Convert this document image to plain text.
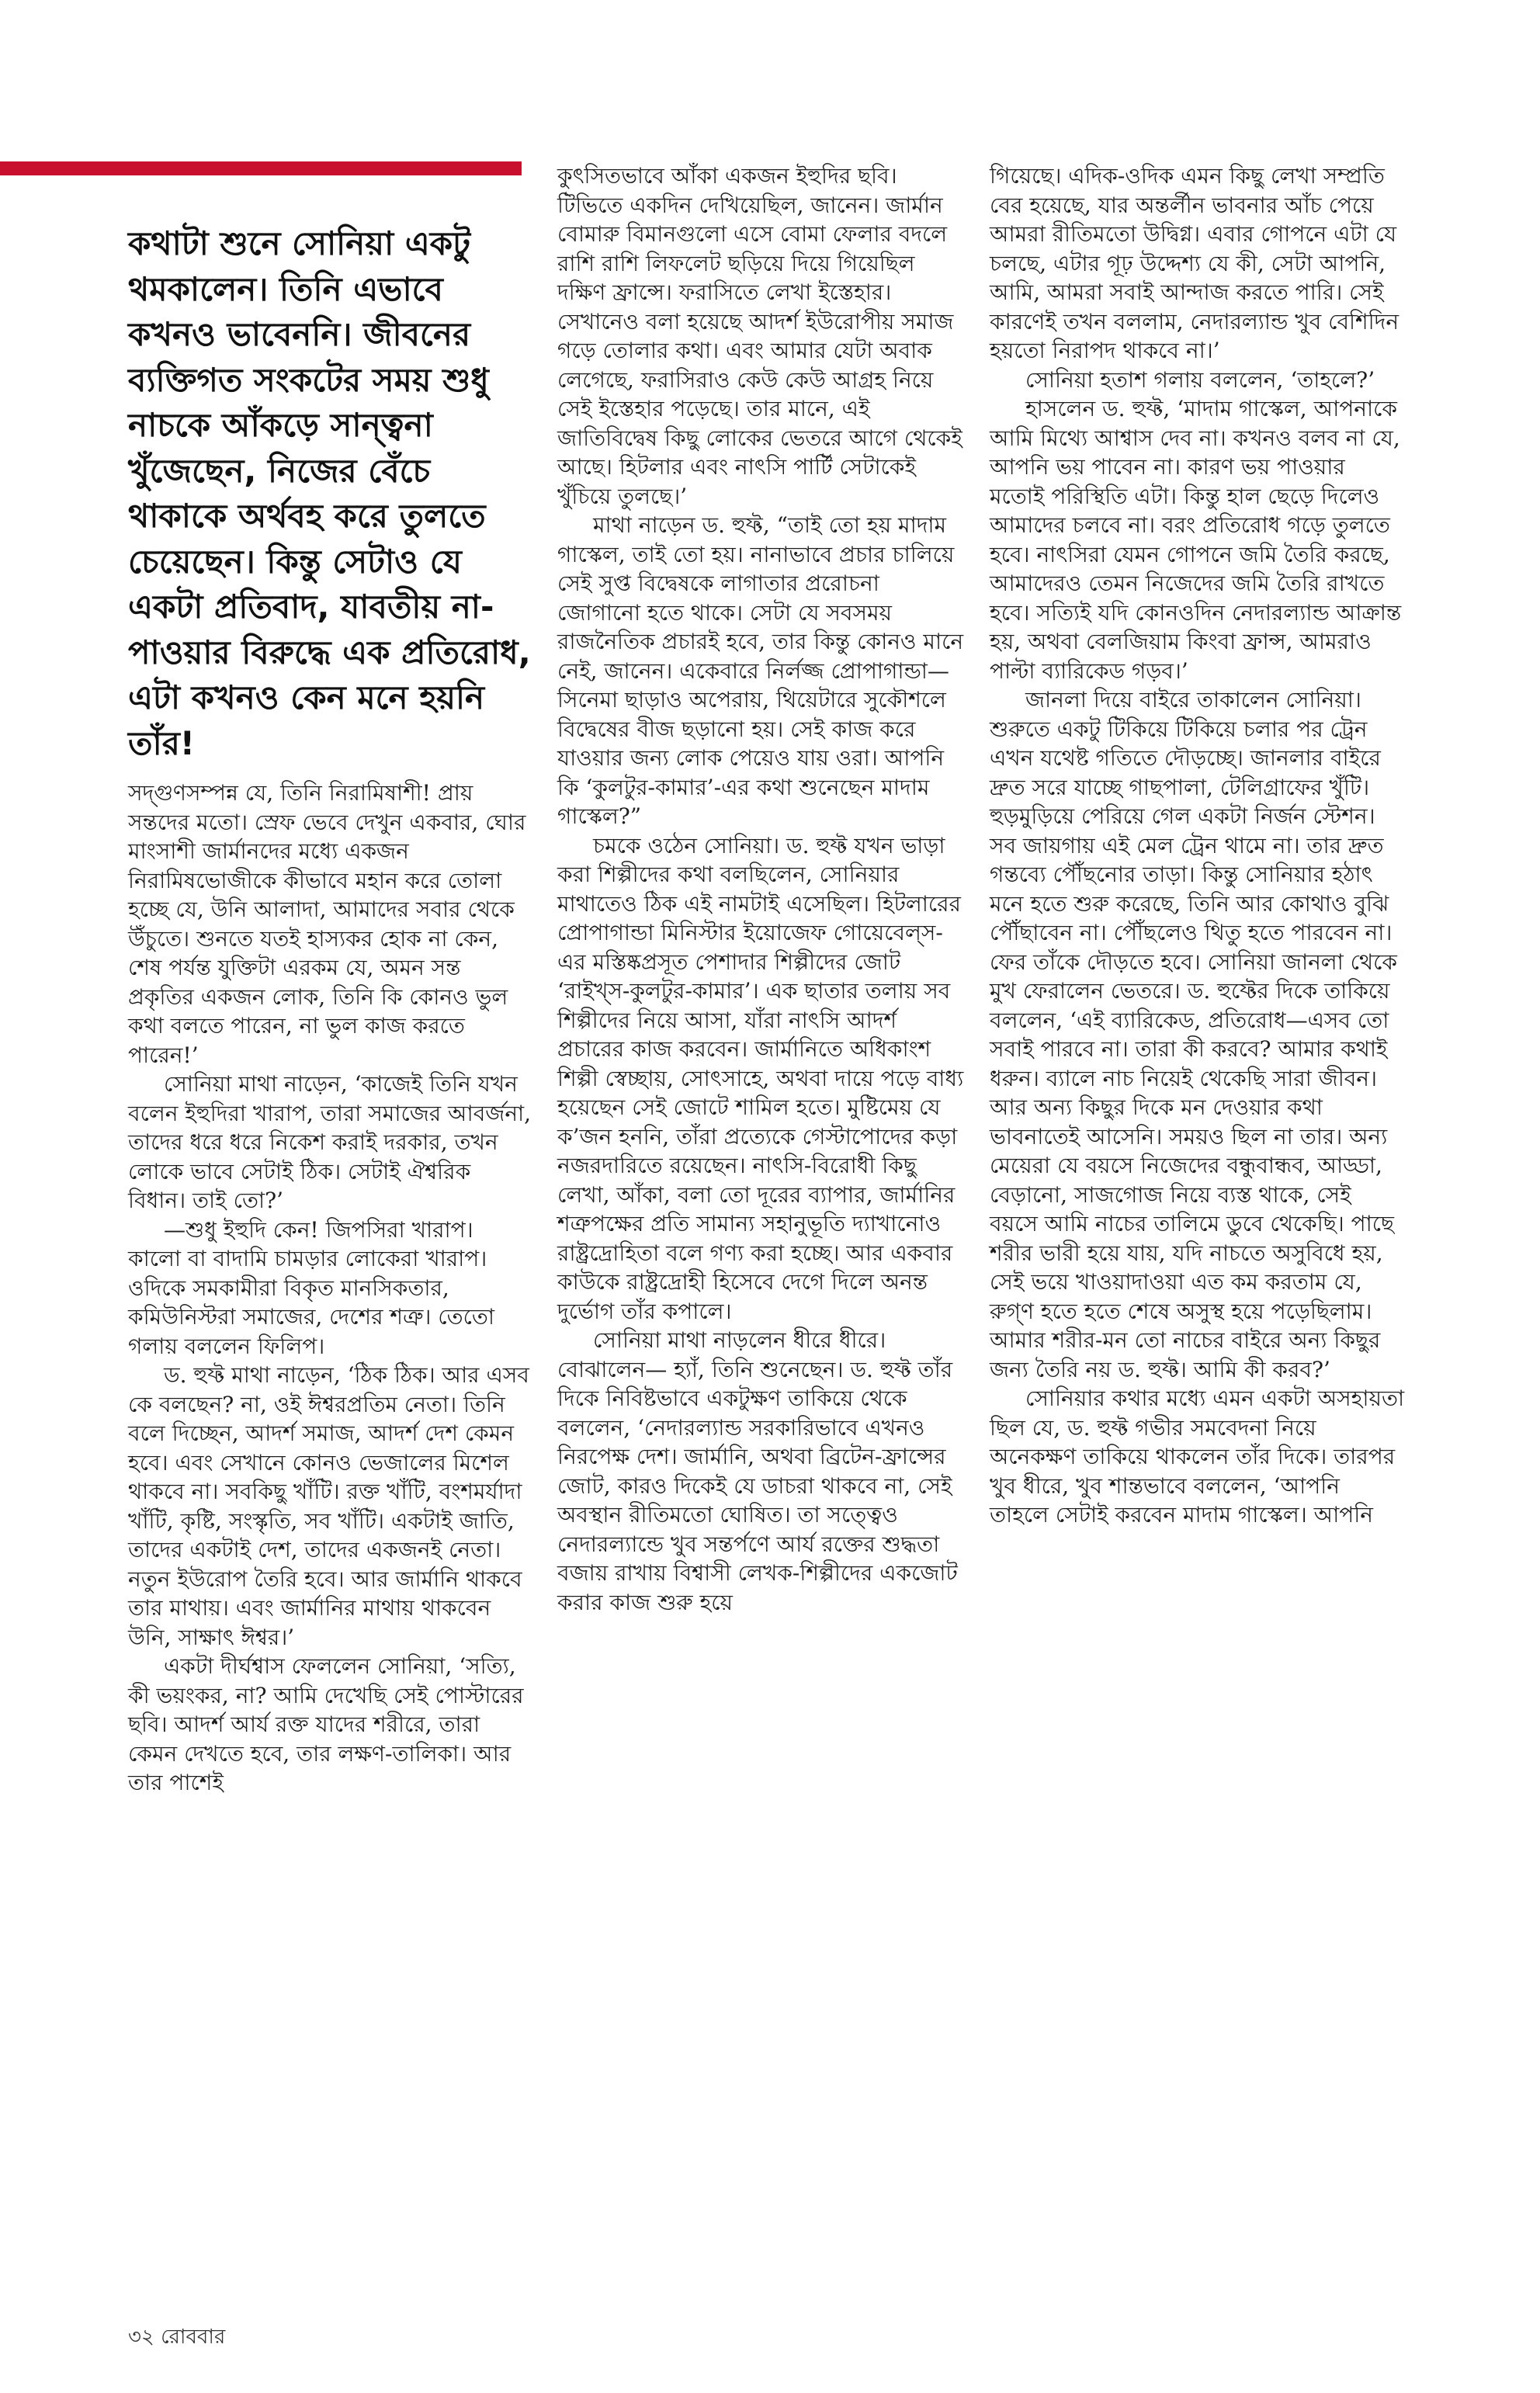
কথাটা শুনে সোনিয়া একটু থমকালেন। তিনি এভাবে কখনও ভাবেননি। জীবনের ব্যক্তিগত সংকটের সময় শুধু নাচকে আঁকড়ে সান্ত্বনা খুঁজেছেন, নিজের বেঁচে থাকাকে অর্থবহ করে তুলতে চেয়েছেন। কিন্তু সেটাও যে একটা প্রতিবাদ, যাবতীয় না-পাওয়ার বিরুদ্ধে এক প্রতিরোধ, এটা কখনও কেন মনে হয়নি তাঁর!

সদ্গুণসম্পন্ন যে, তিনি নিরামিষাশী! প্রায় সন্তদের মতো। স্রেফ ভেবে দেখুন একবার, ঘোর মাংসাশী জার্মানদের মধ্যে একজন নিরামিষভোজীকে কীভাবে মহান করে তোলা হচ্ছে যে, উনি আলাদা, আমাদের সবার থেকে উঁচুতে। শুনতে যতই হাস্যকর হোক না কেন, শেষ পর্যন্ত যুক্তিটা এরকম যে, অমন সন্ত প্রকৃতির একজন লোক, তিনি কি কোনও ভুল কথা বলতে পারেন, না ভুল কাজ করতে পারেন!’

সোনিয়া মাথা নাড়েন, ‘কাজেই তিনি যখন বলেন ইহুদিরা খারাপ, তারা সমাজের আবর্জনা, তাদের ধরে ধরে নিকেশ করাই দরকার, তখন লোকে ভাবে সেটাই ঠিক। সেটাই ঐশ্বরিক বিধান। তাই তো?’

—শুধু ইহুদি কেন! জিপসিরা খারাপ। কালো বা বাদামি চামড়ার লোকেরা খারাপ। ওদিকে সমকামীরা বিকৃত মানসিকতার, কমিউনিস্টরা সমাজের, দেশের শত্রু। তেতো গলায় বললেন ফিলিপ।

ড. হুফ্ট মাথা নাড়েন, ‘ঠিক ঠিক। আর এসব কে বলছেন? না, ওই ঈশ্বরপ্রতিম নেতা। তিনি বলে দিচ্ছেন, আদর্শ সমাজ, আদর্শ দেশ কেমন হবে। এবং সেখানে কোনও ভেজালের মিশেল থাকবে না। সবকিছু খাঁটি। রক্ত খাঁটি, বংশমর্যাদা খাঁটি, কৃষ্টি, সংস্কৃতি, সব খাঁটি। একটাই জাতি, তাদের একটাই দেশ, তাদের একজনই নেতা। নতুন ইউরোপ তৈরি হবে। আর জার্মানি থাকবে তার মাথায়। এবং জার্মানির মাথায় থাকবেন উনি, সাক্ষাৎ ঈশ্বর।’

একটা দীর্ঘশ্বাস ফেললেন সোনিয়া, ‘সত্যি, কী ভয়ংকর, না? আমি দেখেছি সেই পোস্টারের ছবি। আদর্শ আর্য রক্ত যাদের শরীরে, তারা কেমন দেখতে হবে, তার লক্ষণ-তালিকা। আর তার পাশেই

কুৎসিতভাবে আঁকা একজন ইহুদির ছবি। টিভিতে একদিন দেখিয়েছিল, জানেন। জার্মান বোমারু বিমানগুলো এসে বোমা ফেলার বদলে রাশি রাশি লিফলেট ছড়িয়ে দিয়ে গিয়েছিল দক্ষিণ ফ্রান্সে। ফরাসিতে লেখা ইস্তেহার। সেখানেও বলা হয়েছে আদর্শ ইউরোপীয় সমাজ গড়ে তোলার কথা। এবং আমার যেটা অবাক লেগেছে, ফরাসিরাও কেউ কেউ আগ্রহ নিয়ে সেই ইস্তেহার পড়েছে। তার মানে, এই জাতিবিদ্বেষ কিছু লোকের ভেতরে আগে থেকেই আছে। হিটলার এবং নাৎসি পার্টি সেটাকেই খুঁচিয়ে তুলছে।’

মাথা নাড়েন ড. হুফ্ট, “তাই তো হয় মাদাম গাস্কেল, তাই তো হয়। নানাভাবে প্রচার চালিয়ে সেই সুপ্ত বিদ্বেষকে লাগাতার প্ররোচনা জোগানো হতে থাকে। সেটা যে সবসময় রাজনৈতিক প্রচারই হবে, তার কিন্তু কোনও মানে নেই, জানেন। একেবারে নির্লজ্জ প্রোপাগান্ডা—সিনেমা ছাড়াও অপেরায়, থিয়েটারে সুকৌশলে বিদ্বেষের বীজ ছড়ানো হয়। সেই কাজ করে যাওয়ার জন্য লোক পেয়েও যায় ওরা। আপনি কি ‘কুলটুর-কামার’-এর কথা শুনেছেন মাদাম গাস্কেল?”

চমকে ওঠেন সোনিয়া। ড. হুফ্ট যখন ভাড়া করা শিল্পীদের কথা বলছিলেন, সোনিয়ার মাথাতেও ঠিক এই নামটাই এসেছিল। হিটলারের প্রোপাগান্ডা মিনিস্টার ইয়োজেফ গোয়েবেল্স-এর মস্তিষ্কপ্রসূত পেশাদার শিল্পীদের জোট ‘রাইখ্স-কুলটুর-কামার’। এক ছাতার তলায় সব শিল্পীদের নিয়ে আসা, যাঁরা নাৎসি আদর্শ প্রচারের কাজ করবেন। জার্মানিতে অধিকাংশ শিল্পী স্বেচ্ছায়, সোৎসাহে, অথবা দায়ে পড়ে বাধ্য হয়েছেন সেই জোটে শামিল হতে। মুষ্টিমেয় যে ক’জন হননি, তাঁরা প্রত্যেকে গেস্টাপোদের কড়া নজরদারিতে রয়েছেন। নাৎসি-বিরোধী কিছু লেখা, আঁকা, বলা তো দূরের ব্যাপার, জার্মানির শত্রুপক্ষের প্রতি সামান্য সহানুভূতি দ্যাখানোও রাষ্ট্রদ্রোহিতা বলে গণ্য করা হচ্ছে। আর একবার কাউকে রাষ্ট্রদ্রোহী হিসেবে দেগে দিলে অনন্ত দুর্ভোগ তাঁর কপালে।

সোনিয়া মাথা নাড়লেন ধীরে ধীরে। বোঝালেন— হ্যাঁ, তিনি শুনেছেন। ড. হুফ্ট তাঁর দিকে নিবিষ্টভাবে একটুক্ষণ তাকিয়ে থেকে বললেন, ‘নেদারল্যান্ড সরকারিভাবে এখনও নিরপেক্ষ দেশ। জার্মানি, অথবা ব্রিটেন-ফ্রান্সের জোট, কারও দিকেই যে ডাচরা থাকবে না, সেই অবস্থান রীতিমতো ঘোষিত। তা সত্ত্বেও নেদারল্যান্ডে খুব সন্তর্পণে আর্য রক্তের শুদ্ধতা বজায় রাখায় বিশ্বাসী লেখক-শিল্পীদের একজোট করার কাজ শুরু হয়ে

গিয়েছে। এদিক-ওদিক এমন কিছু লেখা সম্প্রতি বের হয়েছে, যার অন্তর্লীন ভাবনার আঁচ পেয়ে আমরা রীতিমতো উদ্বিগ্ন। এবার গোপনে এটা যে চলছে, এটার গূঢ় উদ্দেশ্য যে কী, সেটা আপনি, আমি, আমরা সবাই আন্দাজ করতে পারি। সেই কারণেই তখন বললাম, নেদারল্যান্ড খুব বেশিদিন হয়তো নিরাপদ থাকবে না।’

সোনিয়া হতাশ গলায় বললেন, ‘তাহলে?’

হাসলেন ড. হুফ্ট, ‘মাদাম গাস্কেল, আপনাকে আমি মিথ্যে আশ্বাস দেব না। কখনও বলব না যে, আপনি ভয় পাবেন না। কারণ ভয় পাওয়ার মতোই পরিস্থিতি এটা। কিন্তু হাল ছেড়ে দিলেও আমাদের চলবে না। বরং প্রতিরোধ গড়ে তুলতে হবে। নাৎসিরা যেমন গোপনে জমি তৈরি করছে, আমাদেরও তেমন নিজেদের জমি তৈরি রাখতে হবে। সত্যিই যদি কোনওদিন নেদারল্যান্ড আক্রান্ত হয়, অথবা বেলজিয়াম কিংবা ফ্রান্স, আমরাও পাল্টা ব্যারিকেড গড়ব।’

জানলা দিয়ে বাইরে তাকালেন সোনিয়া। শুরুতে একটু টিকিয়ে টিকিয়ে চলার পর ট্রেন এখন যথেষ্ট গতিতে দৌড়চ্ছে। জানলার বাইরে দ্রুত সরে যাচ্ছে গাছপালা, টেলিগ্রাফের খুঁটি। হুড়মুড়িয়ে পেরিয়ে গেল একটা নির্জন স্টেশন। সব জায়গায় এই মেল ট্রেন থামে না। তার দ্রুত গন্তব্যে পৌঁছনোর তাড়া। কিন্তু সোনিয়ার হঠাৎ মনে হতে শুরু করেছে, তিনি আর কোথাও বুঝি পৌঁছাবেন না। পৌঁছলেও থিতু হতে পারবেন না। ফের তাঁকে দৌড়তে হবে। সোনিয়া জানলা থেকে মুখ ফেরালেন ভেতরে। ড. হুফ্টের দিকে তাকিয়ে বললেন, ‘এই ব্যারিকেড, প্রতিরোধ—এসব তো সবাই পারবে না। তারা কী করবে? আমার কথাই ধরুন। ব্যালে নাচ নিয়েই থেকেছি সারা জীবন। আর অন্য কিছুর দিকে মন দেওয়ার কথা ভাবনাতেই আসেনি। সময়ও ছিল না তার। অন্য মেয়েরা যে বয়সে নিজেদের বন্ধুবান্ধব, আড্ডা, বেড়ানো, সাজগোজ নিয়ে ব্যস্ত থাকে, সেই বয়সে আমি নাচের তালিমে ডুবে থেকেছি। পাছে শরীর ভারী হয়ে যায়, যদি নাচতে অসুবিধে হয়, সেই ভয়ে খাওয়াদাওয়া এত কম করতাম যে, রুগ্ণ হতে হতে শেষে অসুস্থ হয়ে পড়েছিলাম। আমার শরীর-মন তো নাচের বাইরে অন্য কিছুর জন্য তৈরি নয় ড. হুফ্ট। আমি কী করব?’

সোনিয়ার কথার মধ্যে এমন একটা অসহায়তা ছিল যে, ড. হুফ্ট গভীর সমবেদনা নিয়ে অনেকক্ষণ তাকিয়ে থাকলেন তাঁর দিকে। তারপর খুব ধীরে, খুব শান্তভাবে বললেন, ‘আপনি তাহলে সেটাই করবেন মাদাম গাস্কেল। আপনি

৩২ রোববার
